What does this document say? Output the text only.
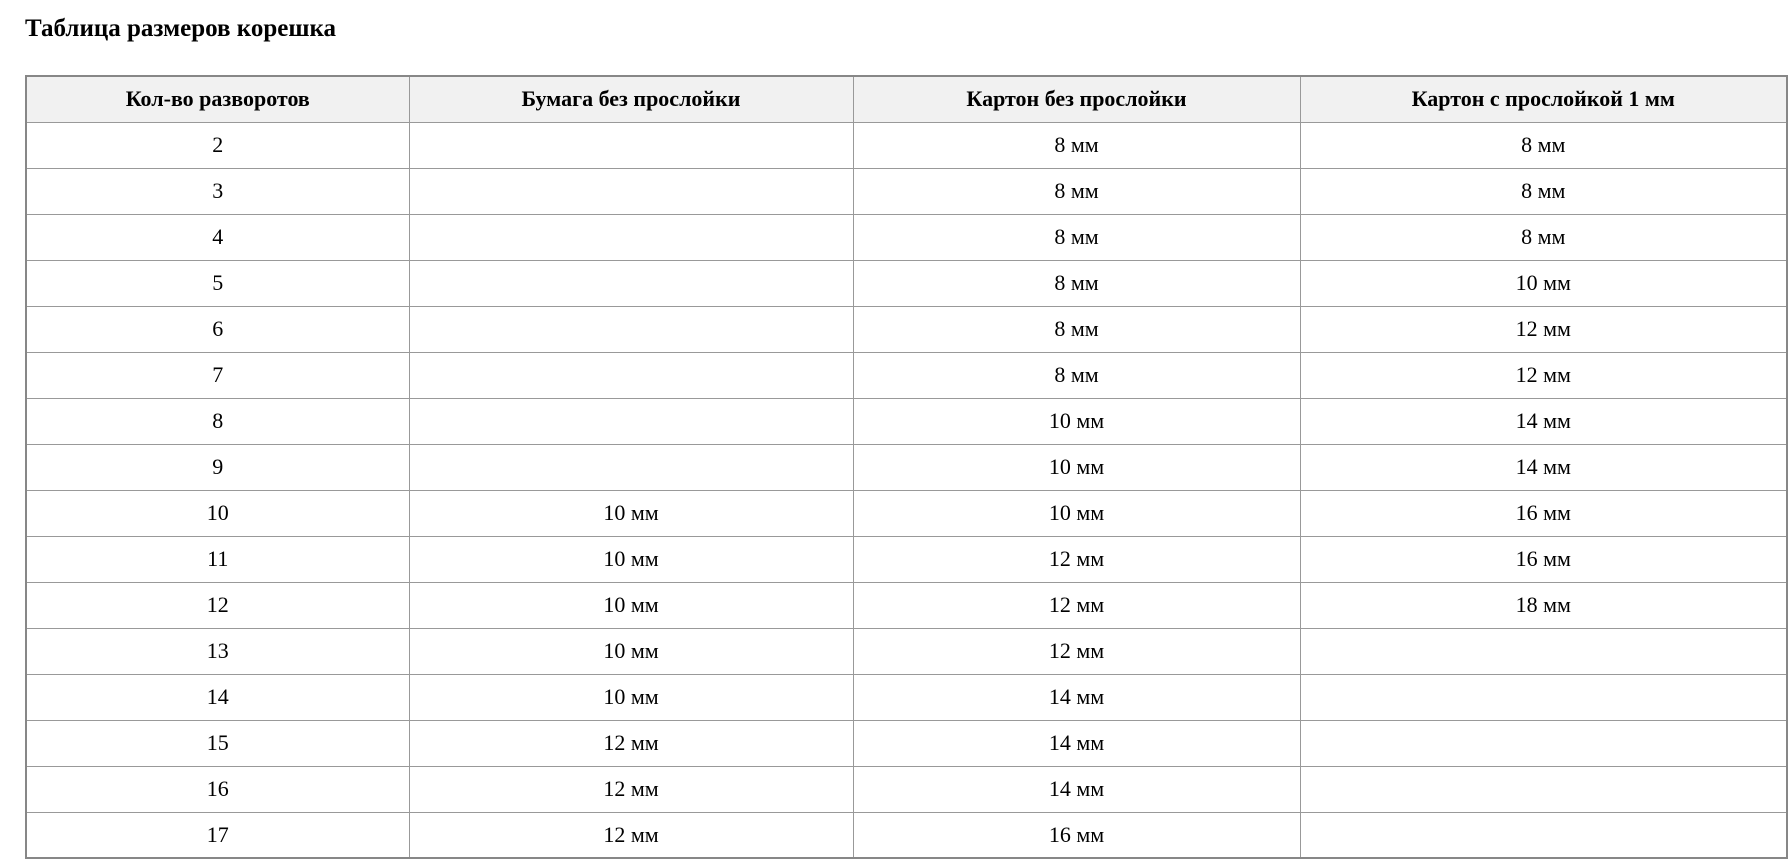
Таблица размеров корешка
Кол-во разворотов	Бумага без прослойки	Картон без прослойки	Картон с прослойкой 1 мм
2		8 мм	8 мм
3		8 мм	8 мм
4		8 мм	8 мм
5		8 мм	10 мм
6		8 мм	12 мм
7		8 мм	12 мм
8		10 мм	14 мм
9		10 мм	14 мм
10	10 мм	10 мм	16 мм
11	10 мм	12 мм	16 мм
12	10 мм	12 мм	18 мм
13	10 мм	12 мм	
14	10 мм	14 мм	
15	12 мм	14 мм	
16	12 мм	14 мм	
17	12 мм	16 мм	
